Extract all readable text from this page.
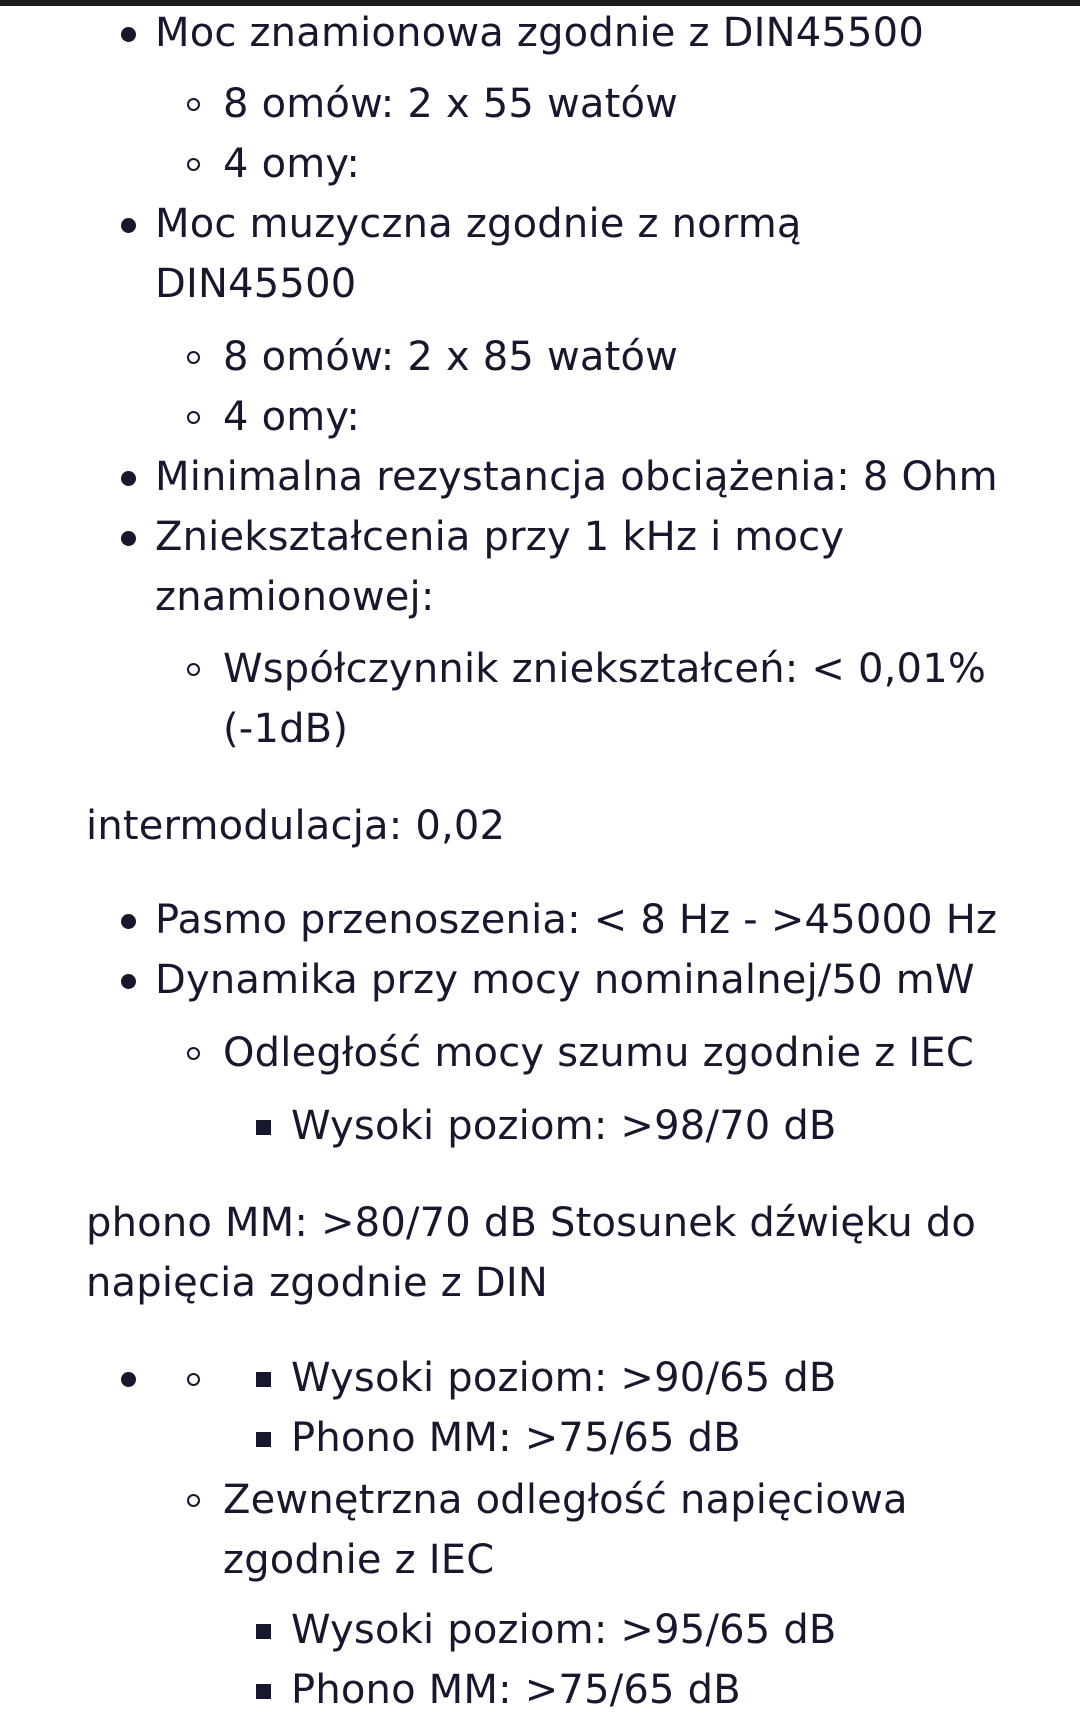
Moc znamionowa zgodnie z DIN45500
8 omów: 2 x 55 watów
4 omy:
Moc muzyczna zgodnie z normą
DIN45500
8 omów: 2 x 85 watów
4 omy:
Minimalna rezystancja obciążenia: 8 Ohm
Zniekształcenia przy 1 kHz i mocy
znamionowej:
Współczynnik zniekształceń: < 0,01%
(-1dB)
intermodulacja: 0,02
Pasmo przenoszenia: < 8 Hz - >45000 Hz
Dynamika przy mocy nominalnej/50 mW
Odległość mocy szumu zgodnie z IEC
Wysoki poziom: >98/70 dB
phono MM: >80/70 dB Stosunek dźwięku do
napięcia zgodnie z DIN
Wysoki poziom: >90/65 dB
Phono MM: >75/65 dB
Zewnętrzna odległość napięciowa
zgodnie z IEC
Wysoki poziom: >95/65 dB
Phono MM: >75/65 dB
